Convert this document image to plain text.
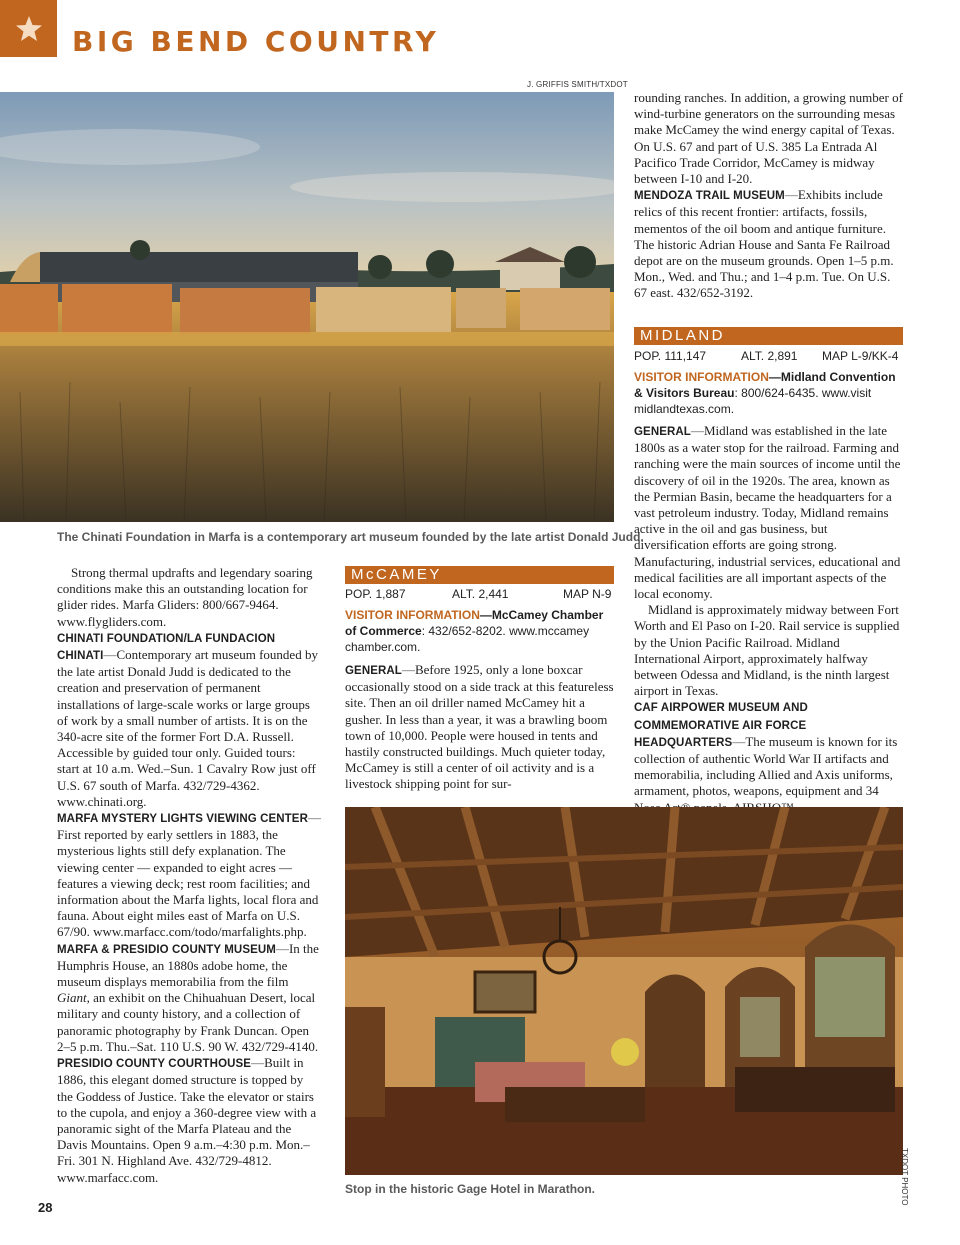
BIG BEND COUNTRY
J. GRIFFIS SMITH/TXDOT
The Chinati Foundation in Marfa is a contemporary art museum founded by the late artist Donald Judd.

Strong thermal updrafts and legendary soaring conditions make this an outstanding location for glider rides. Marfa Gliders: 800/667-9464. www.flygliders.com.

CHINATI FOUNDATION/LA FUNDACION CHINATI—Contemporary art museum founded by the late artist Donald Judd is dedicated to the creation and preservation of permanent installations of large-scale works or large groups of work by a small number of artists. It is on the 340-acre site of the former Fort D.A. Russell. Accessible by guided tour only. Guided tours: start at 10 a.m. Wed.–Sun. 1 Cavalry Row just off U.S. 67 south of Marfa. 432/729-4362. www.chinati.org.

MARFA MYSTERY LIGHTS VIEWING CENTER—First reported by early settlers in 1883, the mysterious lights still defy explanation. The viewing center — expanded to eight acres — features a viewing deck; rest room facilities; and information about the Marfa lights, local flora and fauna. About eight miles east of Marfa on U.S. 67/90. www.marfacc.com/todo/marfalights.php.

MARFA & PRESIDIO COUNTY MUSEUM—In the Humphris House, an 1880s adobe home, the museum displays memorabilia from the film Giant, an exhibit on the Chihuahuan Desert, local military and county history, and a collection of panoramic photography by Frank Duncan. Open 2–5 p.m. Thu.–Sat. 110 U.S. 90 W. 432/729-4140.

PRESIDIO COUNTY COURTHOUSE—Built in 1886, this elegant domed structure is topped by the Goddess of Justice. Take the elevator or stairs to the cupola, and enjoy a 360-degree view with a panoramic sight of the Marfa Plateau and the Davis Mountains. Open 9 a.m.–4:30 p.m. Mon.–Fri. 301 N. Highland Ave. 432/729-4812. www.marfacc.com.

McCAMEY
POP. 1,887	ALT. 2,441	MAP N-9
VISITOR INFORMATION—McCamey Chamber of Commerce: 432/652-8202. www.mccamey chamber.com.

GENERAL—Before 1925, only a lone boxcar occasionally stood on a side track at this featureless site. Then an oil driller named McCamey hit a gusher. In less than a year, it was a brawling boom town of 10,000. People were housed in tents and hastily constructed buildings. Much quieter today, McCamey is still a center of oil activity and is a livestock shipping point for sur-

rounding ranches. In addition, a growing number of wind-turbine generators on the surrounding mesas make McCamey the wind energy capital of Texas. On U.S. 67 and part of U.S. 385 La Entrada Al Pacifico Trade Corridor, McCamey is midway between I-10 and I-20.

MENDOZA TRAIL MUSEUM—Exhibits include relics of this recent frontier: artifacts, fossils, mementos of the oil boom and antique furniture. The historic Adrian House and Santa Fe Railroad depot are on the museum grounds. Open 1–5 p.m. Mon., Wed. and Thu.; and 1–4 p.m. Tue. On U.S. 67 east. 432/652-3192.

MIDLAND
POP. 111,147	ALT. 2,891 MAP L-9/KK-4
VISITOR INFORMATION—Midland Convention & Visitors Bureau: 800/624-6435. www.visit midlandtexas.com.

GENERAL—Midland was established in the late 1800s as a water stop for the railroad. Farming and ranching were the main sources of income until the discovery of oil in the 1920s. The area, known as the Permian Basin, became the headquarters for a vast petroleum industry. Today, Midland remains active in the oil and gas business, but diversification efforts are going strong. Manufacturing, industrial services, educational and medical facilities are all important aspects of the local economy.

Midland is approximately midway between Fort Worth and El Paso on I-20. Rail service is supplied by the Union Pacific Railroad. Midland International Airport, approximately halfway between Odessa and Midland, is the ninth largest airport in Texas.

CAF AIRPOWER MUSEUM AND COMMEMORATIVE AIR FORCE HEADQUARTERS—The museum is known for its collection of authentic World War II artifacts and memorabilia, including Allied and Axis uniforms, armament, photos, weapons, equipment and 34

Stop in the historic Gage Hotel in Marathon.	TXDOT PHOTO
28
